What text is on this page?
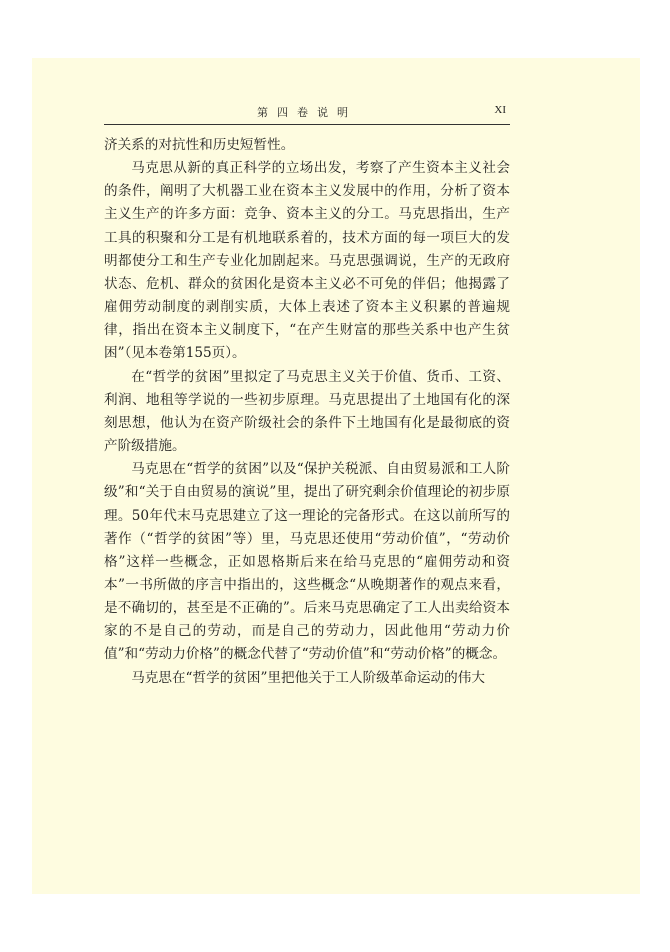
第四卷说明	XI

济关系的对抗性和历史短暂性。

马克思从新的真正科学的立场出发，考察了产生资本主义社会的条件，阐明了大机器工业在资本主义发展中的作用，分析了资本主义生产的许多方面：竞争、资本主义的分工。马克思指出，生产工具的积聚和分工是有机地联系着的，技术方面的每一项巨大的发明都使分工和生产专业化加剧起来。马克思强调说，生产的无政府状态、危机、群众的贫困化是资本主义必不可免的伴侣；他揭露了雇佣劳动制度的剥削实质，大体上表述了资本主义积累的普遍规律，指出在资本主义制度下，“在产生财富的那些关系中也产生贫困”（见本卷第155页）。

在“哲学的贫困”里拟定了马克思主义关于价值、货币、工资、利润、地租等学说的一些初步原理。马克思提出了土地国有化的深刻思想，他认为在资产阶级社会的条件下土地国有化是最彻底的资产阶级措施。

马克思在“哲学的贫困”以及“保护关税派、自由贸易派和工人阶级”和“关于自由贸易的演说”里，提出了研究剩余价值理论的初步原理。50年代末马克思建立了这一理论的完备形式。在这以前所写的著作（“哲学的贫困”等）里，马克思还使用“劳动价值”，“劳动价格”这样一些概念，正如恩格斯后来在给马克思的“雇佣劳动和资本”一书所做的序言中指出的，这些概念“从晚期著作的观点来看，是不确切的，甚至是不正确的”。后来马克思确定了工人出卖给资本家的不是自己的劳动，而是自己的劳动力，因此他用“劳动力价值”和“劳动力价格”的概念代替了“劳动价值”和“劳动价格”的概念。

马克思在“哲学的贫困”里把他关于工人阶级革命运动的伟大
